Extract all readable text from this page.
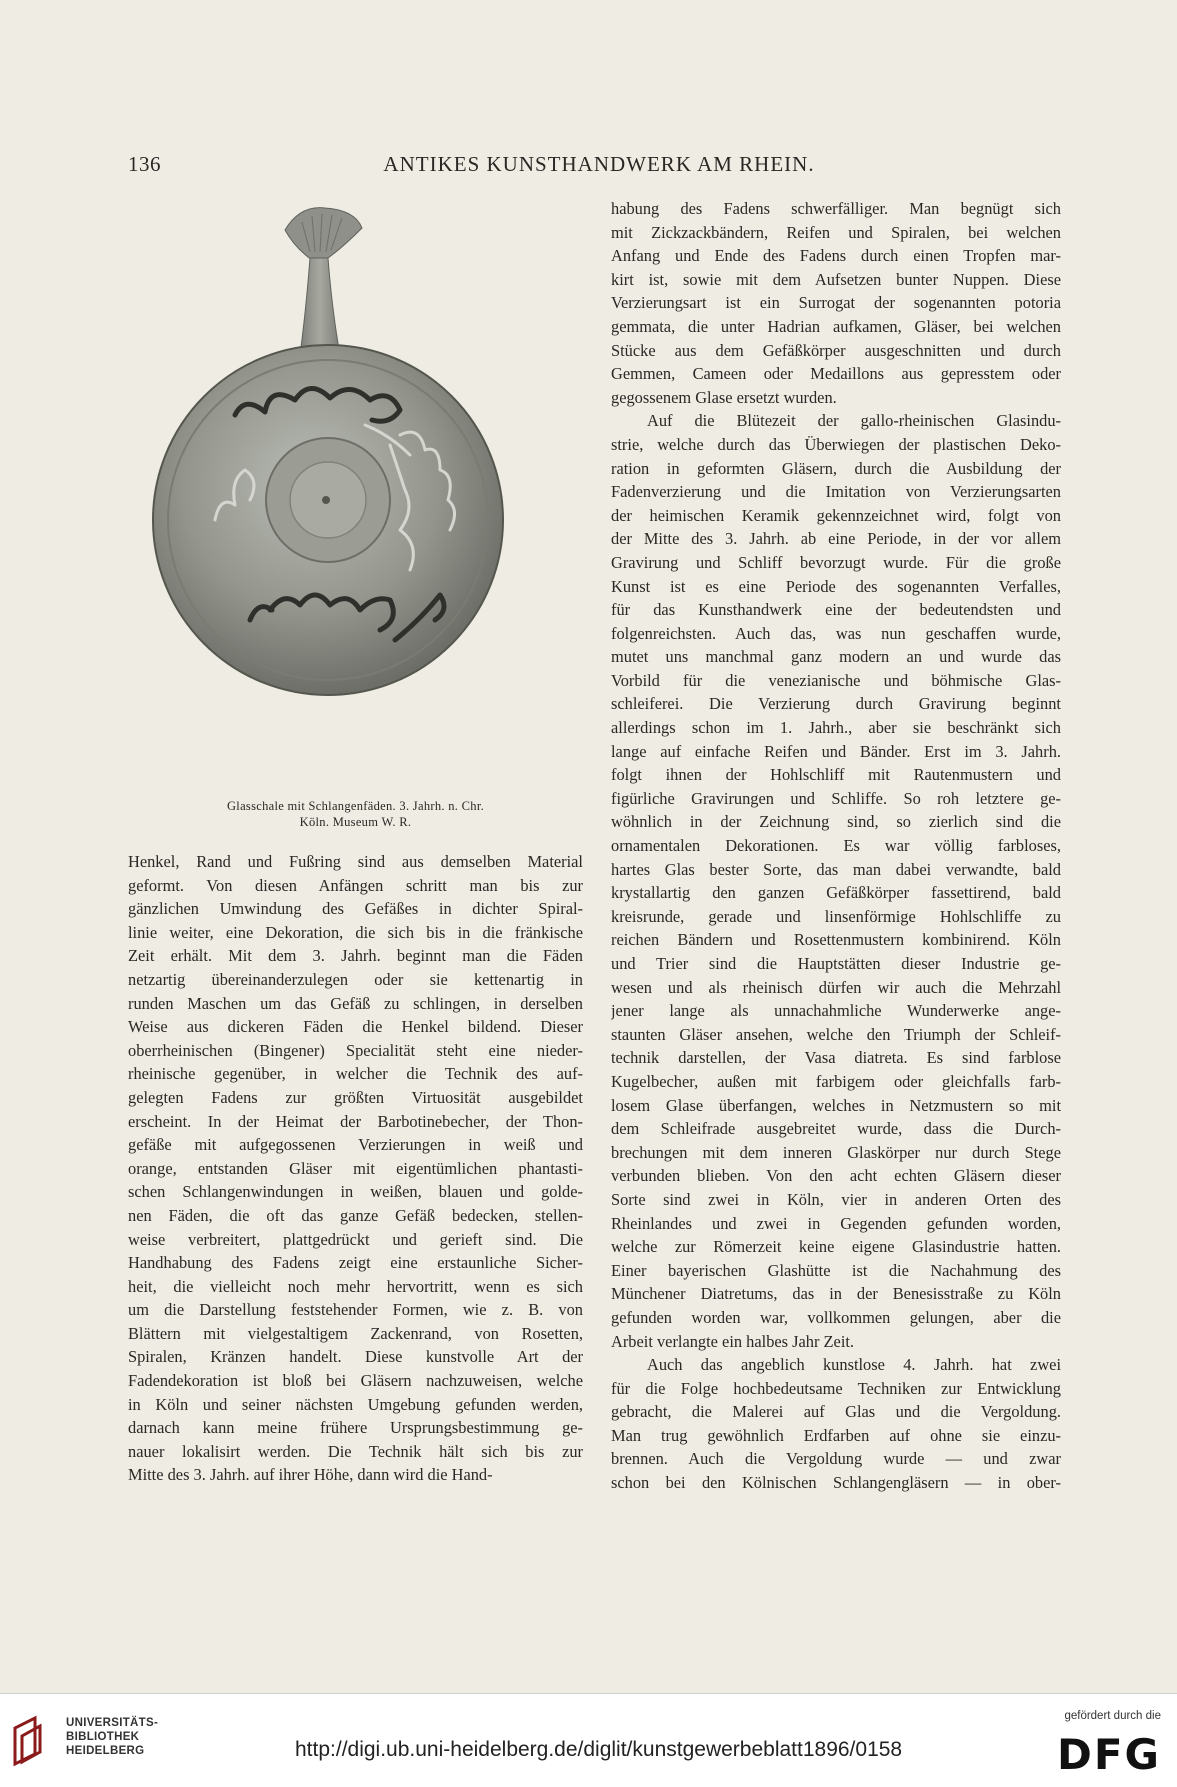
136	ANTIKES KUNSTHANDWERK AM RHEIN.
Glasschale mit Schlangenfäden. 3. Jahrh. n. Chr.
Köln. Museum W. R.
Henkel, Rand und Fußring sind aus demselben Material
geformt. Von diesen Anfängen schritt man bis zur
gänzlichen Umwindung des Gefäßes in dichter Spiral-
linie weiter, eine Dekoration, die sich bis in die fränkische
Zeit erhält. Mit dem 3. Jahrh. beginnt man die Fäden
netzartig übereinanderzulegen oder sie kettenartig in
runden Maschen um das Gefäß zu schlingen, in derselben
Weise aus dickeren Fäden die Henkel bildend. Dieser
oberrheinischen (Bingener) Specialität steht eine nieder-
rheinische gegenüber, in welcher die Technik des auf-
gelegten Fadens zur größten Virtuosität ausgebildet
erscheint. In der Heimat der Barbotinebecher, der Thon-
gefäße mit aufgegossenen Verzierungen in weiß und
orange, entstanden Gläser mit eigentümlichen phantasti-
schen Schlangenwindungen in weißen, blauen und golde-
nen Fäden, die oft das ganze Gefäß bedecken, stellen-
weise verbreitert, plattgedrückt und gerieft sind. Die
Handhabung des Fadens zeigt eine erstaunliche Sicher-
heit, die vielleicht noch mehr hervortritt, wenn es sich
um die Darstellung feststehender Formen, wie z. B. von
Blättern mit vielgestaltigem Zackenrand, von Rosetten,
Spiralen, Kränzen handelt. Diese kunstvolle Art der
Fadendekoration ist bloß bei Gläsern nachzuweisen, welche
in Köln und seiner nächsten Umgebung gefunden werden,
darnach kann meine frühere Ursprungsbestimmung ge-
nauer lokalisirt werden. Die Technik hält sich bis zur
Mitte des 3. Jahrh. auf ihrer Höhe, dann wird die Hand-
habung des Fadens schwerfälliger. Man begnügt sich
mit Zickzackbändern, Reifen und Spiralen, bei welchen
Anfang und Ende des Fadens durch einen Tropfen mar-
kirt ist, sowie mit dem Aufsetzen bunter Nuppen. Diese
Verzierungsart ist ein Surrogat der sogenannten potoria
gemmata, die unter Hadrian aufkamen, Gläser, bei welchen
Stücke aus dem Gefäßkörper ausgeschnitten und durch
Gemmen, Cameen oder Medaillons aus gepresstem oder
gegossenem Glase ersetzt wurden.
Auf die Blütezeit der gallo-rheinischen Glasindu-
strie, welche durch das Überwiegen der plastischen Deko-
ration in geformten Gläsern, durch die Ausbildung der
Fadenverzierung und die Imitation von Verzierungsarten
der heimischen Keramik gekennzeichnet wird, folgt von
der Mitte des 3. Jahrh. ab eine Periode, in der vor allem
Gravirung und Schliff bevorzugt wurde. Für die große
Kunst ist es eine Periode des sogenannten Verfalles,
für das Kunsthandwerk eine der bedeutendsten und
folgenreichsten. Auch das, was nun geschaffen wurde,
mutet uns manchmal ganz modern an und wurde das
Vorbild für die venezianische und böhmische Glas-
schleiferei. Die Verzierung durch Gravirung beginnt
allerdings schon im 1. Jahrh., aber sie beschränkt sich
lange auf einfache Reifen und Bänder. Erst im 3. Jahrh.
folgt ihnen der Hohlschliff mit Rautenmustern und
figürliche Gravirungen und Schliffe. So roh letztere ge-
wöhnlich in der Zeichnung sind, so zierlich sind die
ornamentalen Dekorationen. Es war völlig farbloses,
hartes Glas bester Sorte, das man dabei verwandte, bald
krystallartig den ganzen Gefäßkörper fassettirend, bald
kreisrunde, gerade und linsenförmige Hohlschliffe zu
reichen Bändern und Rosettenmustern kombinirend. Köln
und Trier sind die Hauptstätten dieser Industrie ge-
wesen und als rheinisch dürfen wir auch die Mehrzahl
jener lange als unnachahmliche Wunderwerke ange-
staunten Gläser ansehen, welche den Triumph der Schleif-
technik darstellen, der Vasa diatreta. Es sind farblose
Kugelbecher, außen mit farbigem oder gleichfalls farb-
losem Glase überfangen, welches in Netzmustern so mit
dem Schleifrade ausgebreitet wurde, dass die Durch-
brechungen mit dem inneren Glaskörper nur durch Stege
verbunden blieben. Von den acht echten Gläsern dieser
Sorte sind zwei in Köln, vier in anderen Orten des
Rheinlandes und zwei in Gegenden gefunden worden,
welche zur Römerzeit keine eigene Glasindustrie hatten.
Einer bayerischen Glashütte ist die Nachahmung des
Münchener Diatretums, das in der Benesisstraße zu Köln
gefunden worden war, vollkommen gelungen, aber die
Arbeit verlangte ein halbes Jahr Zeit.
Auch das angeblich kunstlose 4. Jahrh. hat zwei
für die Folge hochbedeutsame Techniken zur Entwicklung
gebracht, die Malerei auf Glas und die Vergoldung.
Man trug gewöhnlich Erdfarben auf ohne sie einzu-
brennen. Auch die Vergoldung wurde — und zwar
schon bei den Kölnischen Schlangengläsern — in ober-
UNIVERSITÄTS-
BIBLIOTHEK
HEIDELBERG	http://digi.ub.uni-heidelberg.de/diglit/kunstgewerbeblatt1896/0158
gefördert durch die
DFG
